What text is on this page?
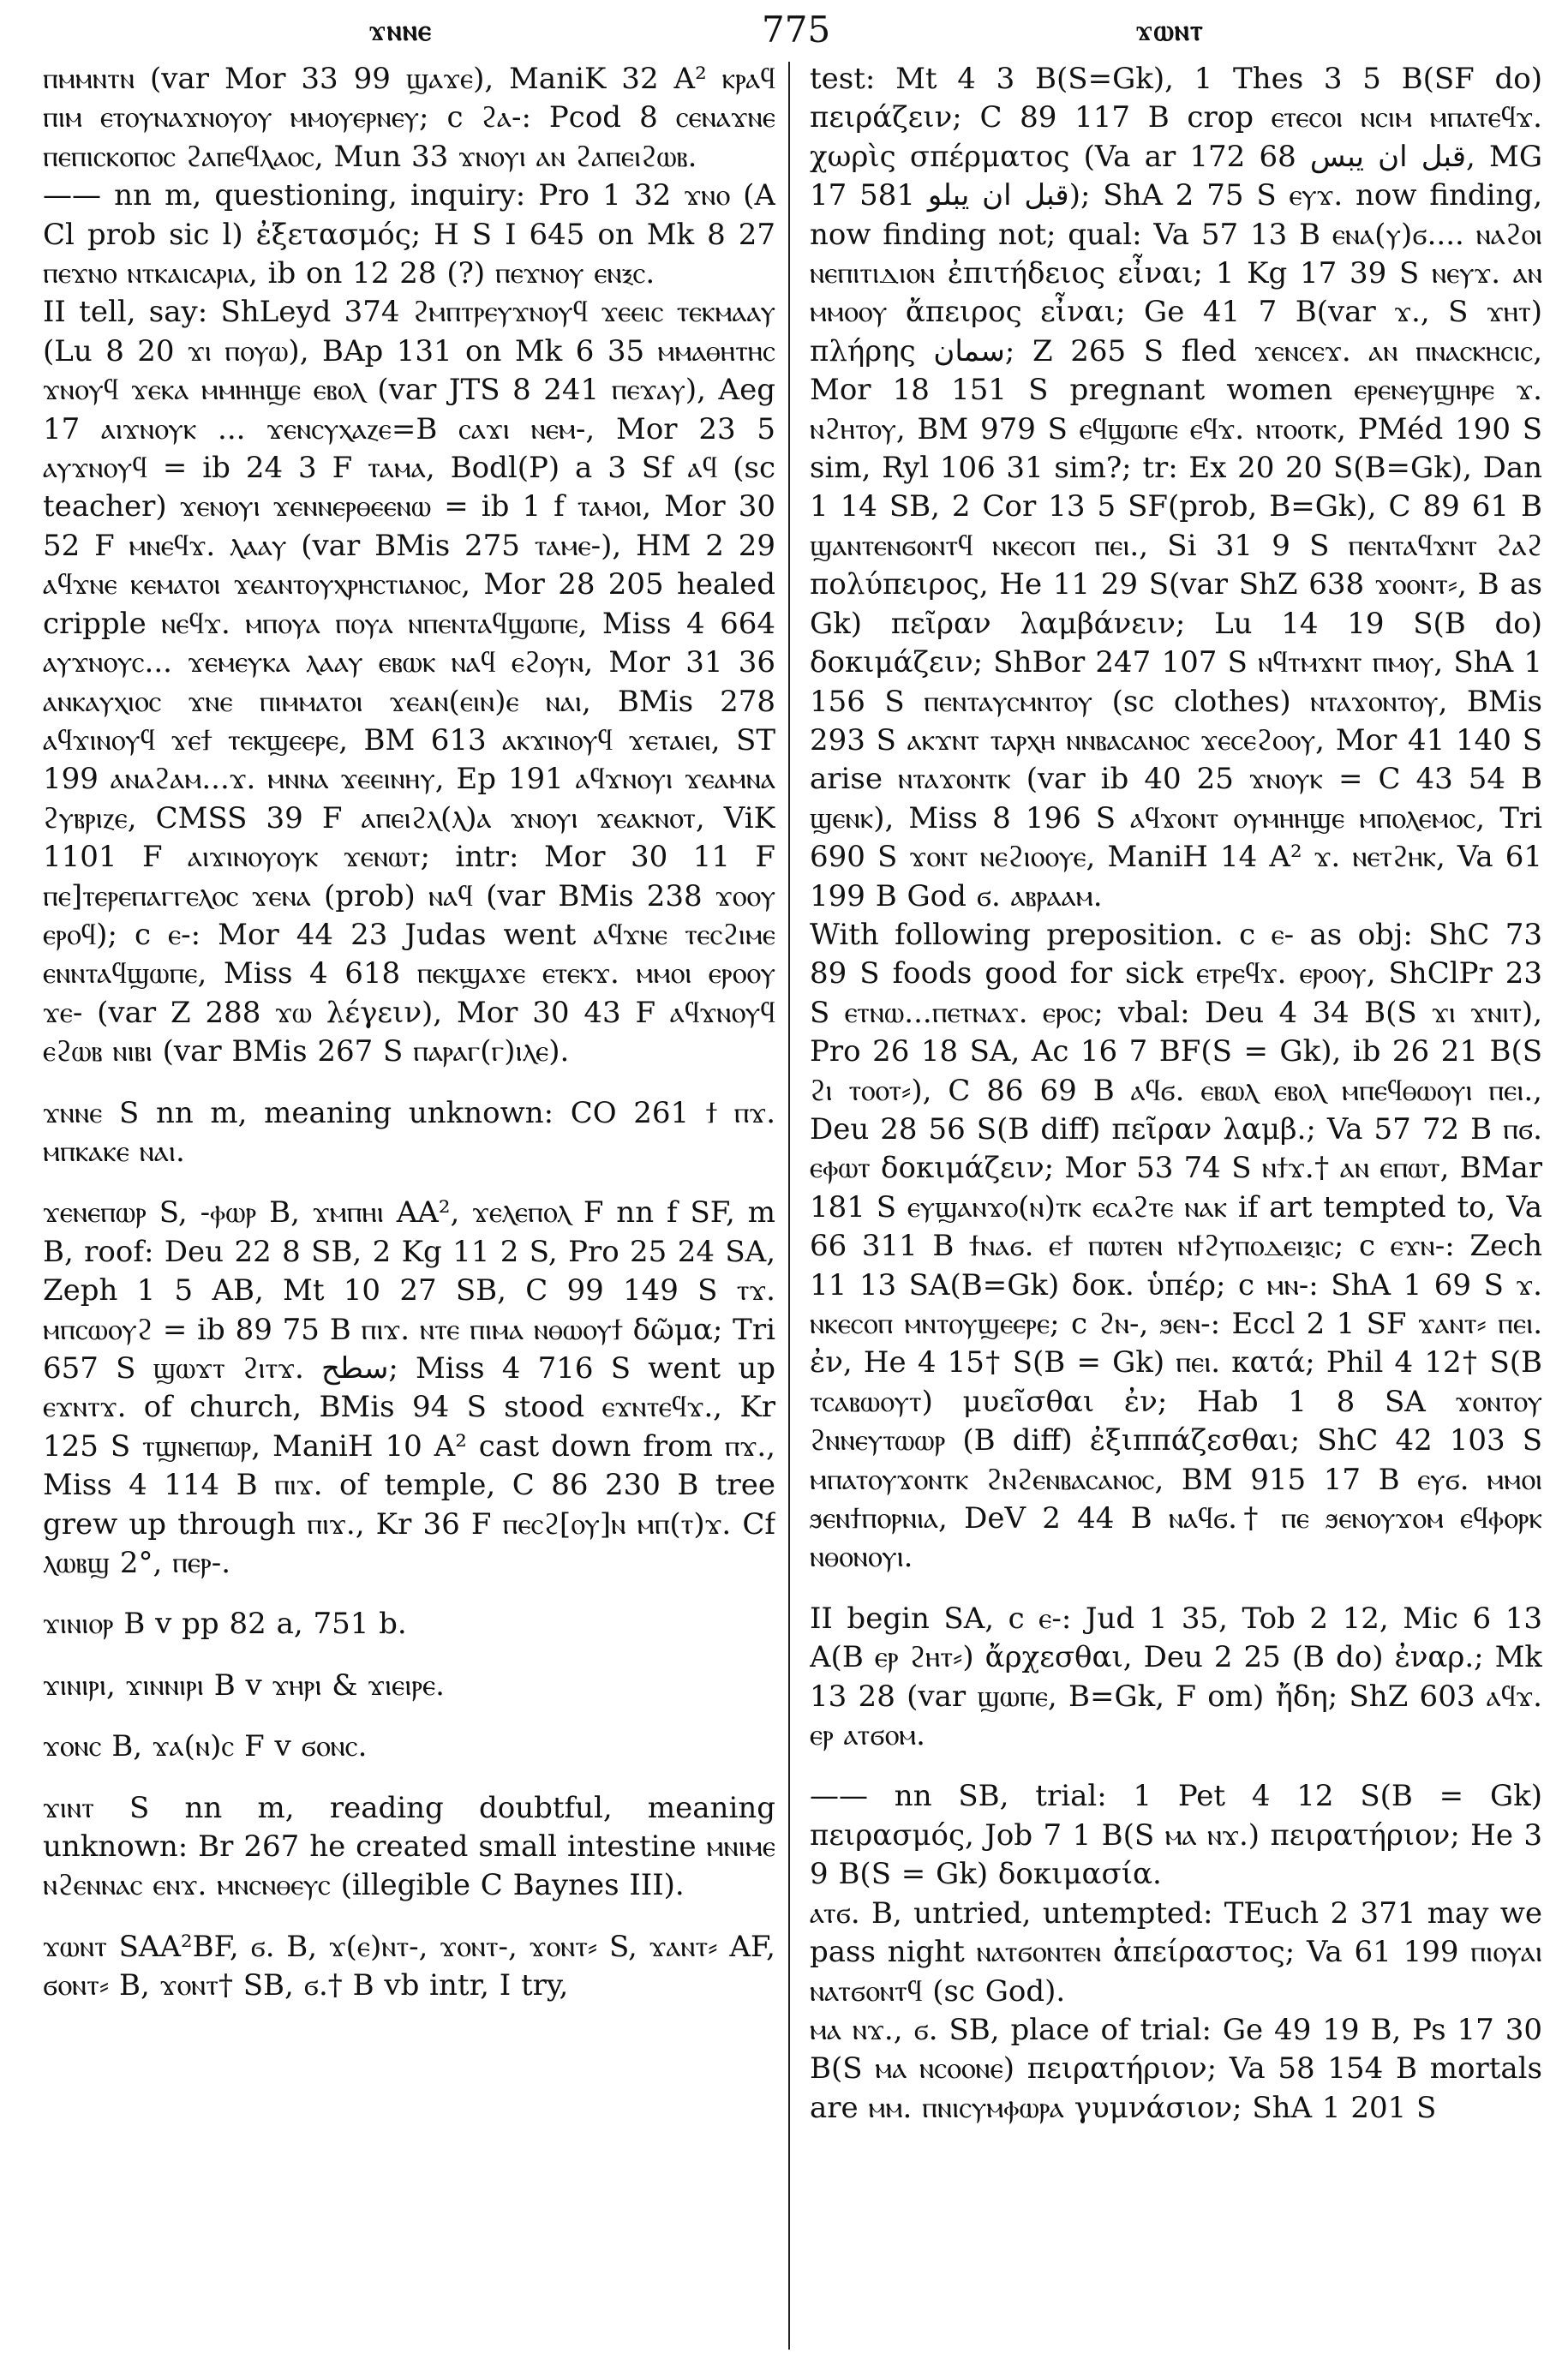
ϫⲛⲛⲉ	775	ϫⲱⲛⲧ

ⲡⲙⲙⲛⲧⲛ (var Mor 33 99 ϣⲁϫⲉ), ManiK 32 A² ⲕⲣⲁϥ ⲡⲓⲙ ⲉⲧⲟⲩⲛⲁϫⲛⲟⲩⲟⲩ ⲙⲙⲟⲩⲉⲣⲛⲉⲩ; c ϩⲁ-: Pcod 8 ⲥⲉⲛⲁϫⲛⲉ ⲡⲉⲡⲓⲥⲕⲟⲡⲟⲥ ϩⲁⲡⲉϥⲗⲁⲟⲥ, Mun 33 ϫⲛⲟⲩⲓ ⲁⲛ ϩⲁⲡⲉⲓϩⲱⲃ.

—— nn m, questioning, inquiry: Pro 1 32 ϫⲛⲟ (A Cl prob sic l) ἐξετασμός; H S I 645 on Mk 8 27 ⲡⲉϫⲛⲟ ⲛⲧⲕⲁⲓⲥⲁⲣⲓⲁ, ib on 12 28 (?) ⲡⲉϫⲛⲟⲩ ⲉⲛⲝⲥ.

II tell, say: ShLeyd 374 ϩⲙⲡⲧⲣⲉⲩϫⲛⲟⲩϥ ϫⲉⲉⲓⲥ ⲧⲉⲕⲙⲁⲁⲩ (Lu 8 20 ϫⲓ ⲡⲟⲩⲱ), BAp 131 on Mk 6 35 ⲙⲙⲁⲑⲏⲧⲏⲥ ϫⲛⲟⲩϥ ϫⲉⲕⲁ ⲙⲙⲏⲏϣⲉ ⲉⲃⲟⲗ (var JTS 8 241 ⲡⲉϫⲁⲩ), Aeg 17 ⲁⲓϫⲛⲟⲩⲕ ... ϫⲉⲛⲥⲩⲭⲁⲍⲉ=B ⲥⲁϫⲓ ⲛⲉⲙ-, Mor 23 5 ⲁⲩϫⲛⲟⲩϥ = ib 24 3 F ⲧⲁⲙⲁ, Bodl(P) a 3 Sf ⲁϥ (sc teacher) ϫⲉⲛⲟⲩⲓ ϫⲉⲛⲛⲉⲣⲑⲉⲉⲛⲱ = ib 1 f ⲧⲁⲙⲟⲓ, Mor 30 52 F ⲙⲛⲉϥϫ. ⲗⲁⲁⲩ (var BMis 275 ⲧⲁⲙⲉ-), HM 2 29 ⲁϥϫⲛⲉ ⲕⲉⲙⲁⲧⲟⲓ ϫⲉⲁⲛⲧⲟⲩⲭⲣⲏⲥⲧⲓⲁⲛⲟⲥ, Mor 28 205 healed cripple ⲛⲉϥϫ. ⲙⲡⲟⲩⲁ ⲡⲟⲩⲁ ⲛⲡⲉⲛⲧⲁϥϣⲱⲡⲉ, Miss 4 664 ⲁⲩϫⲛⲟⲩⲥ... ϫⲉⲙⲉⲩⲕⲁ ⲗⲁⲁⲩ ⲉⲃⲱⲕ ⲛⲁϥ ⲉϩⲟⲩⲛ, Mor 31 36 ⲁⲛⲕⲁⲩⲭⲓⲟⲥ ϫⲛⲉ ⲡⲓⲙⲙⲁⲧⲟⲓ ϫⲉⲁⲛ(ⲉⲓⲛ)ⲉ ⲛⲁⲓ, BMis 278 ⲁϥϫⲓⲛⲟⲩϥ ϫⲉϯ ⲧⲉⲕϣⲉⲉⲣⲉ, BM 613 ⲁⲕϫⲓⲛⲟⲩϥ ϫⲉⲧⲁⲓⲉⲓ, ST 199 ⲁⲛⲁϩⲁⲙ...ϫ. ⲙⲛⲛⲁ ϫⲉⲉⲓⲛⲏⲩ, Ep 191 ⲁϥϫⲛⲟⲩⲓ ϫⲉⲁⲙⲛⲁ ϩⲩⲃⲣⲓⲍⲉ, CMSS 39 F ⲁⲡⲉⲓϩⲗ(ⲗ)ⲁ ϫⲛⲟⲩⲓ ϫⲉⲁⲕⲛⲟⲧ, ViK 1101 F ⲁⲓϫⲓⲛⲟⲩⲟⲩⲕ ϫⲉⲛⲱⲧ; intr: Mor 30 11 F ⲡⲉ]ⲧⲉⲣⲉⲡⲁⲅⲅⲉⲗⲟⲥ ϫⲉⲛⲁ (prob) ⲛⲁϥ (var BMis 238 ϫⲟⲟⲩ ⲉⲣⲟϥ); c ⲉ-: Mor 44 23 Judas went ⲁϥϫⲛⲉ ⲧⲉⲥϩⲓⲙⲉ ⲉⲛⲛⲧⲁϥϣⲱⲡⲉ, Miss 4 618 ⲡⲉⲕϣⲁϫⲉ ⲉⲧⲉⲕϫ. ⲙⲙⲟⲓ ⲉⲣⲟⲟⲩ ϫⲉ- (var Z 288 ϫⲱ λέγειν), Mor 30 43 F ⲁϥϫⲛⲟⲩϥ ⲉϩⲱⲃ ⲛⲓⲃⲓ (var BMis 267 S ⲡⲁⲣⲁⲅ(ⲅ)ⲓⲗⲉ).

ϫⲛⲛⲉ S nn m, meaning unknown: CO 261 ϯ ⲡϫ. ⲙⲡⲕⲁⲕⲉ ⲛⲁⲓ.

ϫⲉⲛⲉⲡⲱⲣ S, -ⲫⲱⲣ B, ϫⲙⲡⲏⲓ AA², ϫⲉⲗⲉⲡⲟⲗ F nn f SF, m B, roof: Deu 22 8 SB, 2 Kg 11 2 S, Pro 25 24 SA, Zeph 1 5 AB, Mt 10 27 SB, C 99 149 S ⲧϫ. ⲙⲡⲥⲱⲟⲩϩ = ib 89 75 B ⲡⲓϫ. ⲛⲧⲉ ⲡⲓⲙⲁ ⲛⲑⲱⲟⲩϯ δῶμα; Tri 657 S ϣⲱϫⲧ ϩⲓⲧϫ. سطح; Miss 4 716 S went up ⲉϫⲛⲧϫ. of church, BMis 94 S stood ⲉϫⲛⲧⲉϥϫ., Kr 125 S ⲧϣⲛⲉⲡⲱⲣ, ManiH 10 A² cast down from ⲡϫ., Miss 4 114 B ⲡⲓϫ. of temple, C 86 230 B tree grew up through ⲡⲓϫ., Kr 36 F ⲡⲉⲥϩ[ⲟⲩ]ⲛ ⲙⲡ(ⲧ)ϫ. Cf ⲗⲱⲃϣ 2°, ⲡⲉⲣ-.

ϫⲓⲛⲓⲟⲣ B v pp 82 a, 751 b.

ϫⲓⲛⲓⲣⲓ, ϫⲓⲛⲛⲓⲣⲓ B v ϫⲏⲣⲓ & ϫⲓⲉⲓⲣⲉ.

ϫⲟⲛⲥ B, ϫⲁ(ⲛ)ⲥ F v ϭⲟⲛⲥ.

ϫⲓⲛⲧ S nn m, reading doubtful, meaning unknown: Br 267 he created small intestine ⲙⲛⲓⲙⲉ ⲛϩⲉⲛⲛⲁⲥ ⲉⲛϫ. ⲙⲛⲥⲛⲑⲉⲩⲥ (illegible C Baynes III).

ϫⲱⲛⲧ SAA²BF, ϭ. B, ϫ(ⲉ)ⲛⲧ-, ϫⲟⲛⲧ-, ϫⲟⲛⲧ⸗ S, ϫⲁⲛⲧ⸗ AF, ϭⲟⲛⲧ⸗ B, ϫⲟⲛⲧ† SB, ϭ.† B vb intr, I try,

test: Mt 4 3 B(S=Gk), 1 Thes 3 5 B(SF do) πειράζειν; C 89 117 B crop ⲉⲧⲉⲥⲟⲓ ⲛⲥⲓⲙ ⲙⲡⲁⲧⲉϥϫ. χωρὶς σπέρματος (Va ar 172 68 قبل ان يبس, MG 17 581 قبل ان يبلو); ShA 2 75 S ⲉⲩϫ. now finding, now finding not; qual: Va 57 13 B ⲉⲛⲁ(ⲩ)ϭ.... ⲛⲁϩⲟⲓ ⲛⲉⲡⲓⲧⲓⲇⲓⲟⲛ ἐπιτήδειος εἶναι; 1 Kg 17 39 S ⲛⲉⲩϫ. ⲁⲛ ⲙⲙⲟⲟⲩ ἄπειρος εἶναι; Ge 41 7 B(var ϫ., S ϫⲏⲧ) πλήρης سمان; Z 265 S fled ϫⲉⲛⲥⲉϫ. ⲁⲛ ⲡⲛⲁⲥⲕⲏⲥⲓⲥ, Mor 18 151 S pregnant women ⲉⲣⲉⲛⲉⲩϣⲏⲣⲉ ϫ. ⲛϩⲏⲧⲟⲩ, BM 979 S ⲉϥϣⲱⲡⲉ ⲉϥϫ. ⲛⲧⲟⲟⲧⲕ, PMéd 190 S sim, Ryl 106 31 sim?; tr: Ex 20 20 S(B=Gk), Dan 1 14 SB, 2 Cor 13 5 SF(prob, B=Gk), C 89 61 B ϣⲁⲛⲧⲉⲛϭⲟⲛⲧϥ ⲛⲕⲉⲥⲟⲡ ⲡⲉⲓ., Si 31 9 S ⲡⲉⲛⲧⲁϥϫⲛⲧ ϩⲁϩ πολύπειρος, He 11 29 S(var ShZ 638 ϫⲟⲟⲛⲧ⸗, B as Gk) πεῖραν λαμβάνειν; Lu 14 19 S(B do) δοκιμάζειν; ShBor 247 107 S ⲛϥⲧⲙϫⲛⲧ ⲡⲙⲟⲩ, ShA 1 156 S ⲡⲉⲛⲧⲁⲩⲥⲙⲛⲧⲟⲩ (sc clothes) ⲛⲧⲁϫⲟⲛⲧⲟⲩ, BMis 293 S ⲁⲕϫⲛⲧ ⲧⲁⲣⲭⲏ ⲛⲛⲃⲁⲥⲁⲛⲟⲥ ϫⲉⲥⲉϩⲟⲟⲩ, Mor 41 140 S arise ⲛⲧⲁϫⲟⲛⲧⲕ (var ib 40 25 ϫⲛⲟⲩⲕ = C 43 54 B ϣⲉⲛⲕ), Miss 8 196 S ⲁϥϫⲟⲛⲧ ⲟⲩⲙⲏⲏϣⲉ ⲙⲡⲟⲗⲉⲙⲟⲥ, Tri 690 S ϫⲟⲛⲧ ⲛⲉϩⲓⲟⲟⲩⲉ, ManiH 14 A² ϫ. ⲛⲉⲧϩⲏⲕ, Va 61 199 B God ϭ. ⲁⲃⲣⲁⲁⲙ.

With following preposition. c ⲉ- as obj: ShC 73 89 S foods good for sick ⲉⲧⲣⲉϥϫ. ⲉⲣⲟⲟⲩ, ShClPr 23 S ⲉⲧⲛⲱ...ⲡⲉⲧⲛⲁϫ. ⲉⲣⲟⲥ; vbal: Deu 4 34 B(S ϫⲓ ϫⲛⲓⲧ), Pro 26 18 SA, Ac 16 7 BF(S = Gk), ib 26 21 B(S ϩⲓ ⲧⲟⲟⲧ⸗), C 86 69 B ⲁϥϭ. ⲉⲃⲱⲗ ⲉⲃⲟⲗ ⲙⲡⲉϥⲑⲱⲟⲩⲓ ⲡⲉⲓ., Deu 28 56 S(B diff) πεῖραν λαμβ.; Va 57 72 B ⲡϭ. ⲉⲫⲱⲧ δοκιμάζειν; Mor 53 74 S ⲛϯϫ.† ⲁⲛ ⲉⲡⲱⲧ, BMar 181 S ⲉⲩϣⲁⲛϫⲟ(ⲛ)ⲧⲕ ⲉⲥⲁϩⲧⲉ ⲛⲁⲕ if art tempted to, Va 66 311 B ϯⲛⲁϭ. ⲉϯ ⲡⲱⲧⲉⲛ ⲛϯϩⲩⲡⲟⲇⲉⲓⲝⲓⲥ; c ⲉϫⲛ-: Zech 11 13 SA(B=Gk) δοκ. ὑπέρ; c ⲙⲛ-: ShA 1 69 S ϫ. ⲛⲕⲉⲥⲟⲡ ⲙⲛⲧⲟⲩϣⲉⲉⲣⲉ; c ϩⲛ-, ϧⲉⲛ-: Eccl 2 1 SF ϫⲁⲛⲧ⸗ ⲡⲉⲓ. ἐν, He 4 15† S(B = Gk) ⲡⲉⲓ. κατά; Phil 4 12† S(B ⲧⲥⲁⲃⲱⲟⲩⲧ) μυεῖσθαι ἐν; Hab 1 8 SA ϫⲟⲛⲧⲟⲩ ϩⲛⲛⲉⲩⲧⲱⲱⲣ (B diff) ἐξιππάζεσθαι; ShC 42 103 S ⲙⲡⲁⲧⲟⲩϫⲟⲛⲧⲕ ϩⲛϩⲉⲛⲃⲁⲥⲁⲛⲟⲥ, BM 915 17 B ⲉⲩϭ. ⲙⲙⲟⲓ ϧⲉⲛϯⲡⲟⲣⲛⲓⲁ, DeV 2 44 B ⲛⲁϥϭ.† ⲡⲉ ϧⲉⲛⲟⲩϫⲟⲙ ⲉϥⲫⲟⲣⲕ ⲛⲑⲟⲛⲟⲩⲓ.

II begin SA, c ⲉ-: Jud 1 35, Tob 2 12, Mic 6 13 A(B ⲉⲣ ϩⲏⲧ⸗) ἄρχεσθαι, Deu 2 25 (B do) ἐναρ.; Mk 13 28 (var ϣⲱⲡⲉ, B=Gk, F om) ἤδη; ShZ 603 ⲁϥϫ. ⲉⲣ ⲁⲧϭⲟⲙ.

—— nn SB, trial: 1 Pet 4 12 S(B = Gk) πειρασμός, Job 7 1 B(S ⲙⲁ ⲛϫ.) πειρατήριον; He 3 9 B(S = Gk) δοκιμασία.

ⲁⲧϭ. B, untried, untempted: TEuch 2 371 may we pass night ⲛⲁⲧϭⲟⲛⲧⲉⲛ ἀπείραστος; Va 61 199 ⲡⲓⲟⲩⲁⲓ ⲛⲁⲧϭⲟⲛⲧϥ (sc God).

ⲙⲁ ⲛϫ., ϭ. SB, place of trial: Ge 49 19 B, Ps 17 30 B(S ⲙⲁ ⲛⲥⲟⲟⲛⲉ) πειρατήριον; Va 58 154 B mortals are ⲙⲙ. ⲡⲛⲓⲥⲩⲙⲫⲱⲣⲁ γυμνάσιον; ShA 1 201 S
